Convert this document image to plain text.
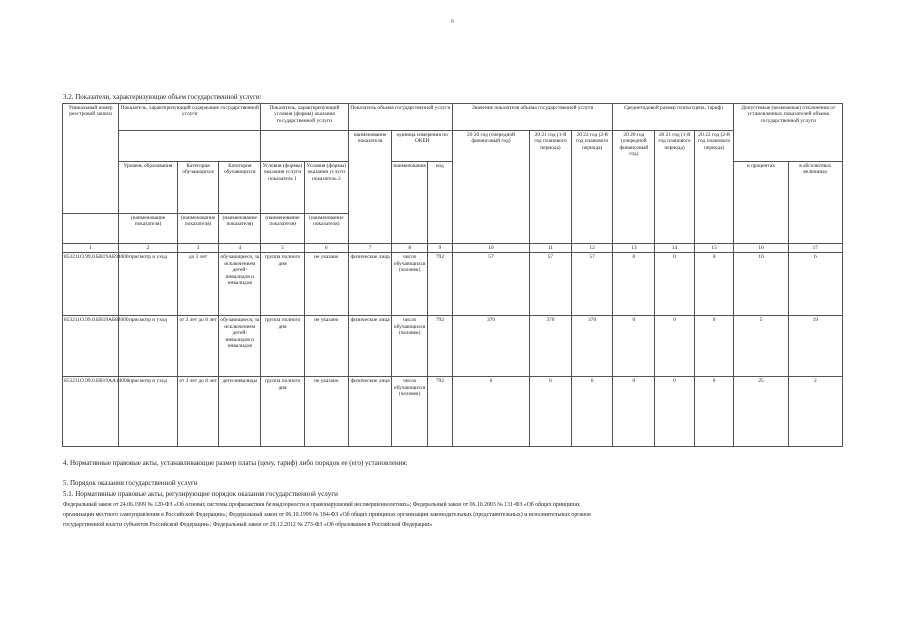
6
3.2. Показатели, характеризующие объем государственной услуги:
Уникальный номер реестровой записи	Показатель, характеризующий содержание государственной услуги			Показатель, характеризующий условия (формы) оказания государственной услуги		Показатель объема государственной услуги			Значение показателя объема государственной услуги			Среднегодовой размер платы (цена, тариф)			Допустимые (возможные) отклонения от установленных показателей объема государственной услуги	
						наименование показателя	единица измерения по ОКЕИ		20 20 год (очередной финансовый год)	20 21 год (1-й год планового периода)	20 22 год (2-й год планового периода)	20 20 год (очередной финансовый год)	20 21 год (1-й год планового периода)	20 22 год (2-й год планового периода)		
	Уровень образования	Категория обучающихся	Категория обучающихся	Условия (формы) оказания услуги показатель 1	Условия (формы) оказания услуги показатель 2		наименование	код							в процентах	в абсолютных величинах
	(наименование показателя)	(наименование показателя)	(наименование показателя)	(наименование показателя)	(наименование показателя)											
1	2	3	4	5	6	7	8	9	10	11	12	13	14	15	16	17
853211О.99.0.БВ19АБ94000	присмотр и уход	до 3 лет	обучающиеся, за исключением детей-инвалидов и инвалидов	группа полного дня	не указано	физические лица	число обучающихся (человек)	792	57	57	57	0	0	0	10	6
853211О.99.0.БВ19АБ82000	присмотр и уход	от 3 лет до 8 лет	обучающиеся, за исключением детей-инвалидов и инвалидов	группа полного дня	не указано	физические лица	число обучающихся (человек)	792	370	370	370	0	0	0	5	19
853211О.99.0.БВ19АА14000	присмотр и уход	от 3 лет до 8 лет	дети-инвалиды	группа полного дня	не указано	физические лица	число обучающихся (человек)	792	6	6	6	0	0	0	25	2
4. Нормативные правовые акты, устанавливающие размер платы (цену, тариф) либо порядок ее (его) установления:
5. Порядок оказания государственной услуги
5.1. Нормативные правовые акты, регулирующие порядок оказания государственной услуги
Федеральный закон от 24.06.1999 № 120-ФЗ «Об основах системы профилактики безнадзорности и правонарушений несовершеннолетних»; Федеральный закон от 06.10.2003 № 131-ФЗ «Об общих принципах
организации местного самоуправления в Российской Федерации»; Федеральный закон от 06.10.1999 № 184-ФЗ «Об общих принципах организации законодательных (представительных) и исполнительных органов
государственной власти субъектов Российской Федерации»; Федеральный закон от 29.12.2012 № 273-ФЗ «Об образовании в Российской Федерации»
